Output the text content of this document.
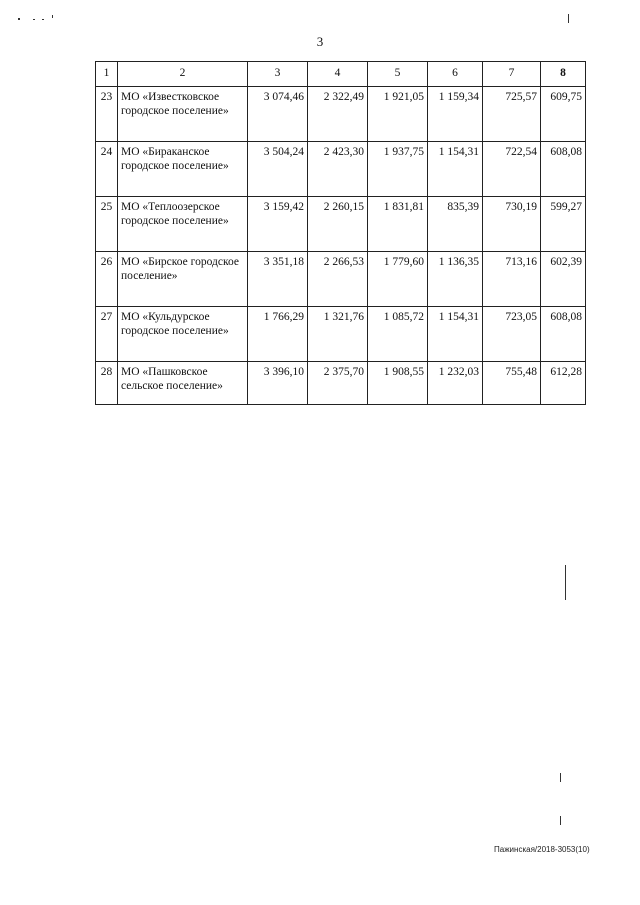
3
1	2	3	4	5	6	7	8
23	МО «Известковское городское поселение»	3 074,46	2 322,49	1 921,05	1 159,34	725,57	609,75
24	МО «Бираканское городское поселение»	3 504,24	2 423,30	1 937,75	1 154,31	722,54	608,08
25	МО «Теплоозерское городское поселение»	3 159,42	2 260,15	1 831,81	835,39	730,19	599,27
26	МО «Бирское городское поселение»	3 351,18	2 266,53	1 779,60	1 136,35	713,16	602,39
27	МО «Кульдурское городское поселение»	1 766,29	1 321,76	1 085,72	1 154,31	723,05	608,08
28	МО «Пашковское сельское поселение»	3 396,10	2 375,70	1 908,55	1 232,03	755,48	612,28
Пажинская/2018-3053(10)
